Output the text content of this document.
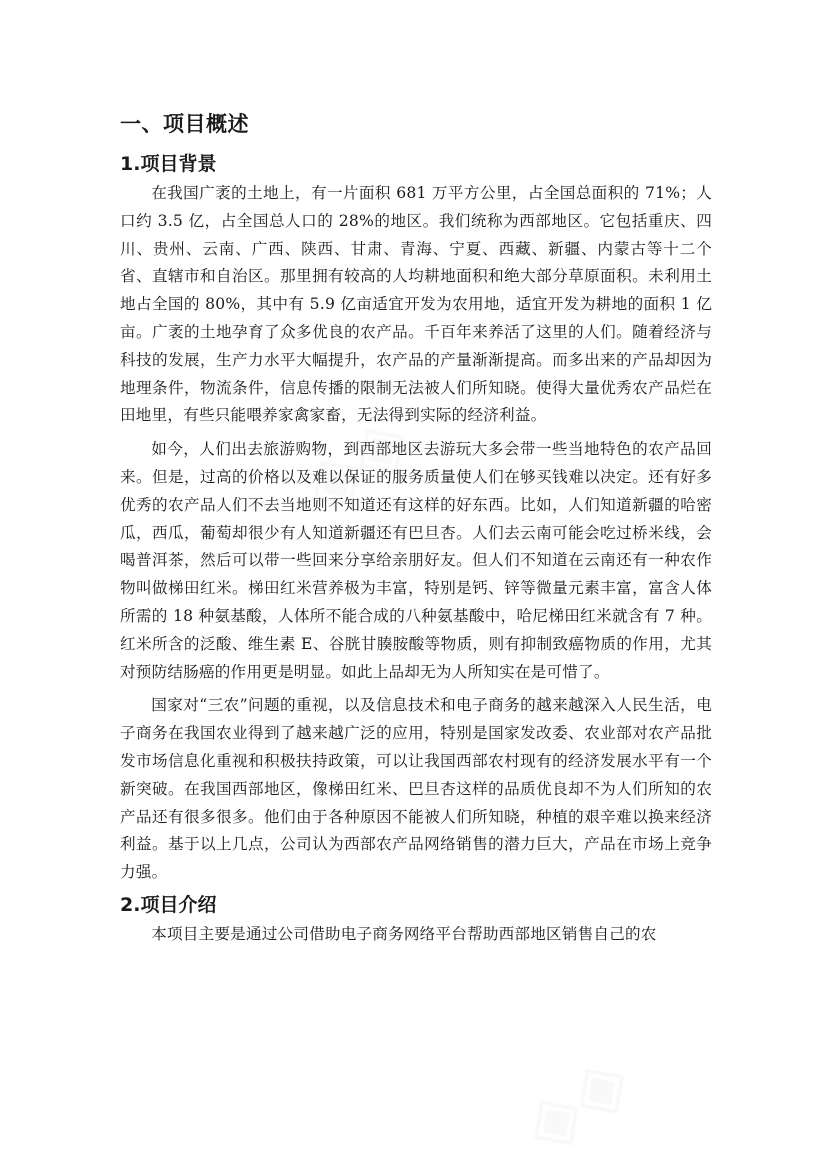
一、项目概述
1.项目背景

在我国广袤的土地上，有一片面积 681 万平方公里，占全国总面积的 71%；人口约 3.5 亿，占全国总人口的 28%的地区。我们统称为西部地区。它包括重庆、四川、贵州、云南、广西、陕西、甘肃、青海、宁夏、西藏、新疆、内蒙古等十二个省、直辖市和自治区。那里拥有较高的人均耕地面积和绝大部分草原面积。未利用土地占全国的 80%，其中有 5.9 亿亩适宜开发为农用地，适宜开发为耕地的面积 1 亿亩。广袤的土地孕育了众多优良的农产品。千百年来养活了这里的人们。随着经济与科技的发展，生产力水平大幅提升，农产品的产量渐渐提高。而多出来的产品却因为地理条件，物流条件，信息传播的限制无法被人们所知晓。使得大量优秀农产品烂在田地里，有些只能喂养家禽家畜，无法得到实际的经济利益。

如今，人们出去旅游购物，到西部地区去游玩大多会带一些当地特色的农产品回来。但是，过高的价格以及难以保证的服务质量使人们在够买钱难以决定。还有好多优秀的农产品人们不去当地则不知道还有这样的好东西。比如，人们知道新疆的哈密瓜，西瓜，葡萄却很少有人知道新疆还有巴旦杏。人们去云南可能会吃过桥米线，会喝普洱茶，然后可以带一些回来分享给亲朋好友。但人们不知道在云南还有一种农作物叫做梯田红米。梯田红米营养极为丰富，特别是钙、锌等微量元素丰富，富含人体所需的 18 种氨基酸，人体所不能合成的八种氨基酸中，哈尼梯田红米就含有 7 种。红米所含的泛酸、维生素 E、谷胱甘腠胺酸等物质，则有抑制致癌物质的作用，尤其对预防结肠癌的作用更是明显。如此上品却无为人所知实在是可惜了。

国家对“三农”问题的重视，以及信息技术和电子商务的越来越深入人民生活，电子商务在我国农业得到了越来越广泛的应用，特别是国家发改委、农业部对农产品批发市场信息化重视和积极扶持政策，可以让我国西部农村现有的经济发展水平有一个新突破。在我国西部地区，像梯田红米、巴旦杏这样的品质优良却不为人们所知的农产品还有很多很多。他们由于各种原因不能被人们所知晓，种植的艰辛难以换来经济利益。基于以上几点，公司认为西部农产品网络销售的潜力巨大，产品在市场上竞争力强。

2.项目介绍

本项目主要是通过公司借助电子商务网络平台帮助西部地区销售自己的农
